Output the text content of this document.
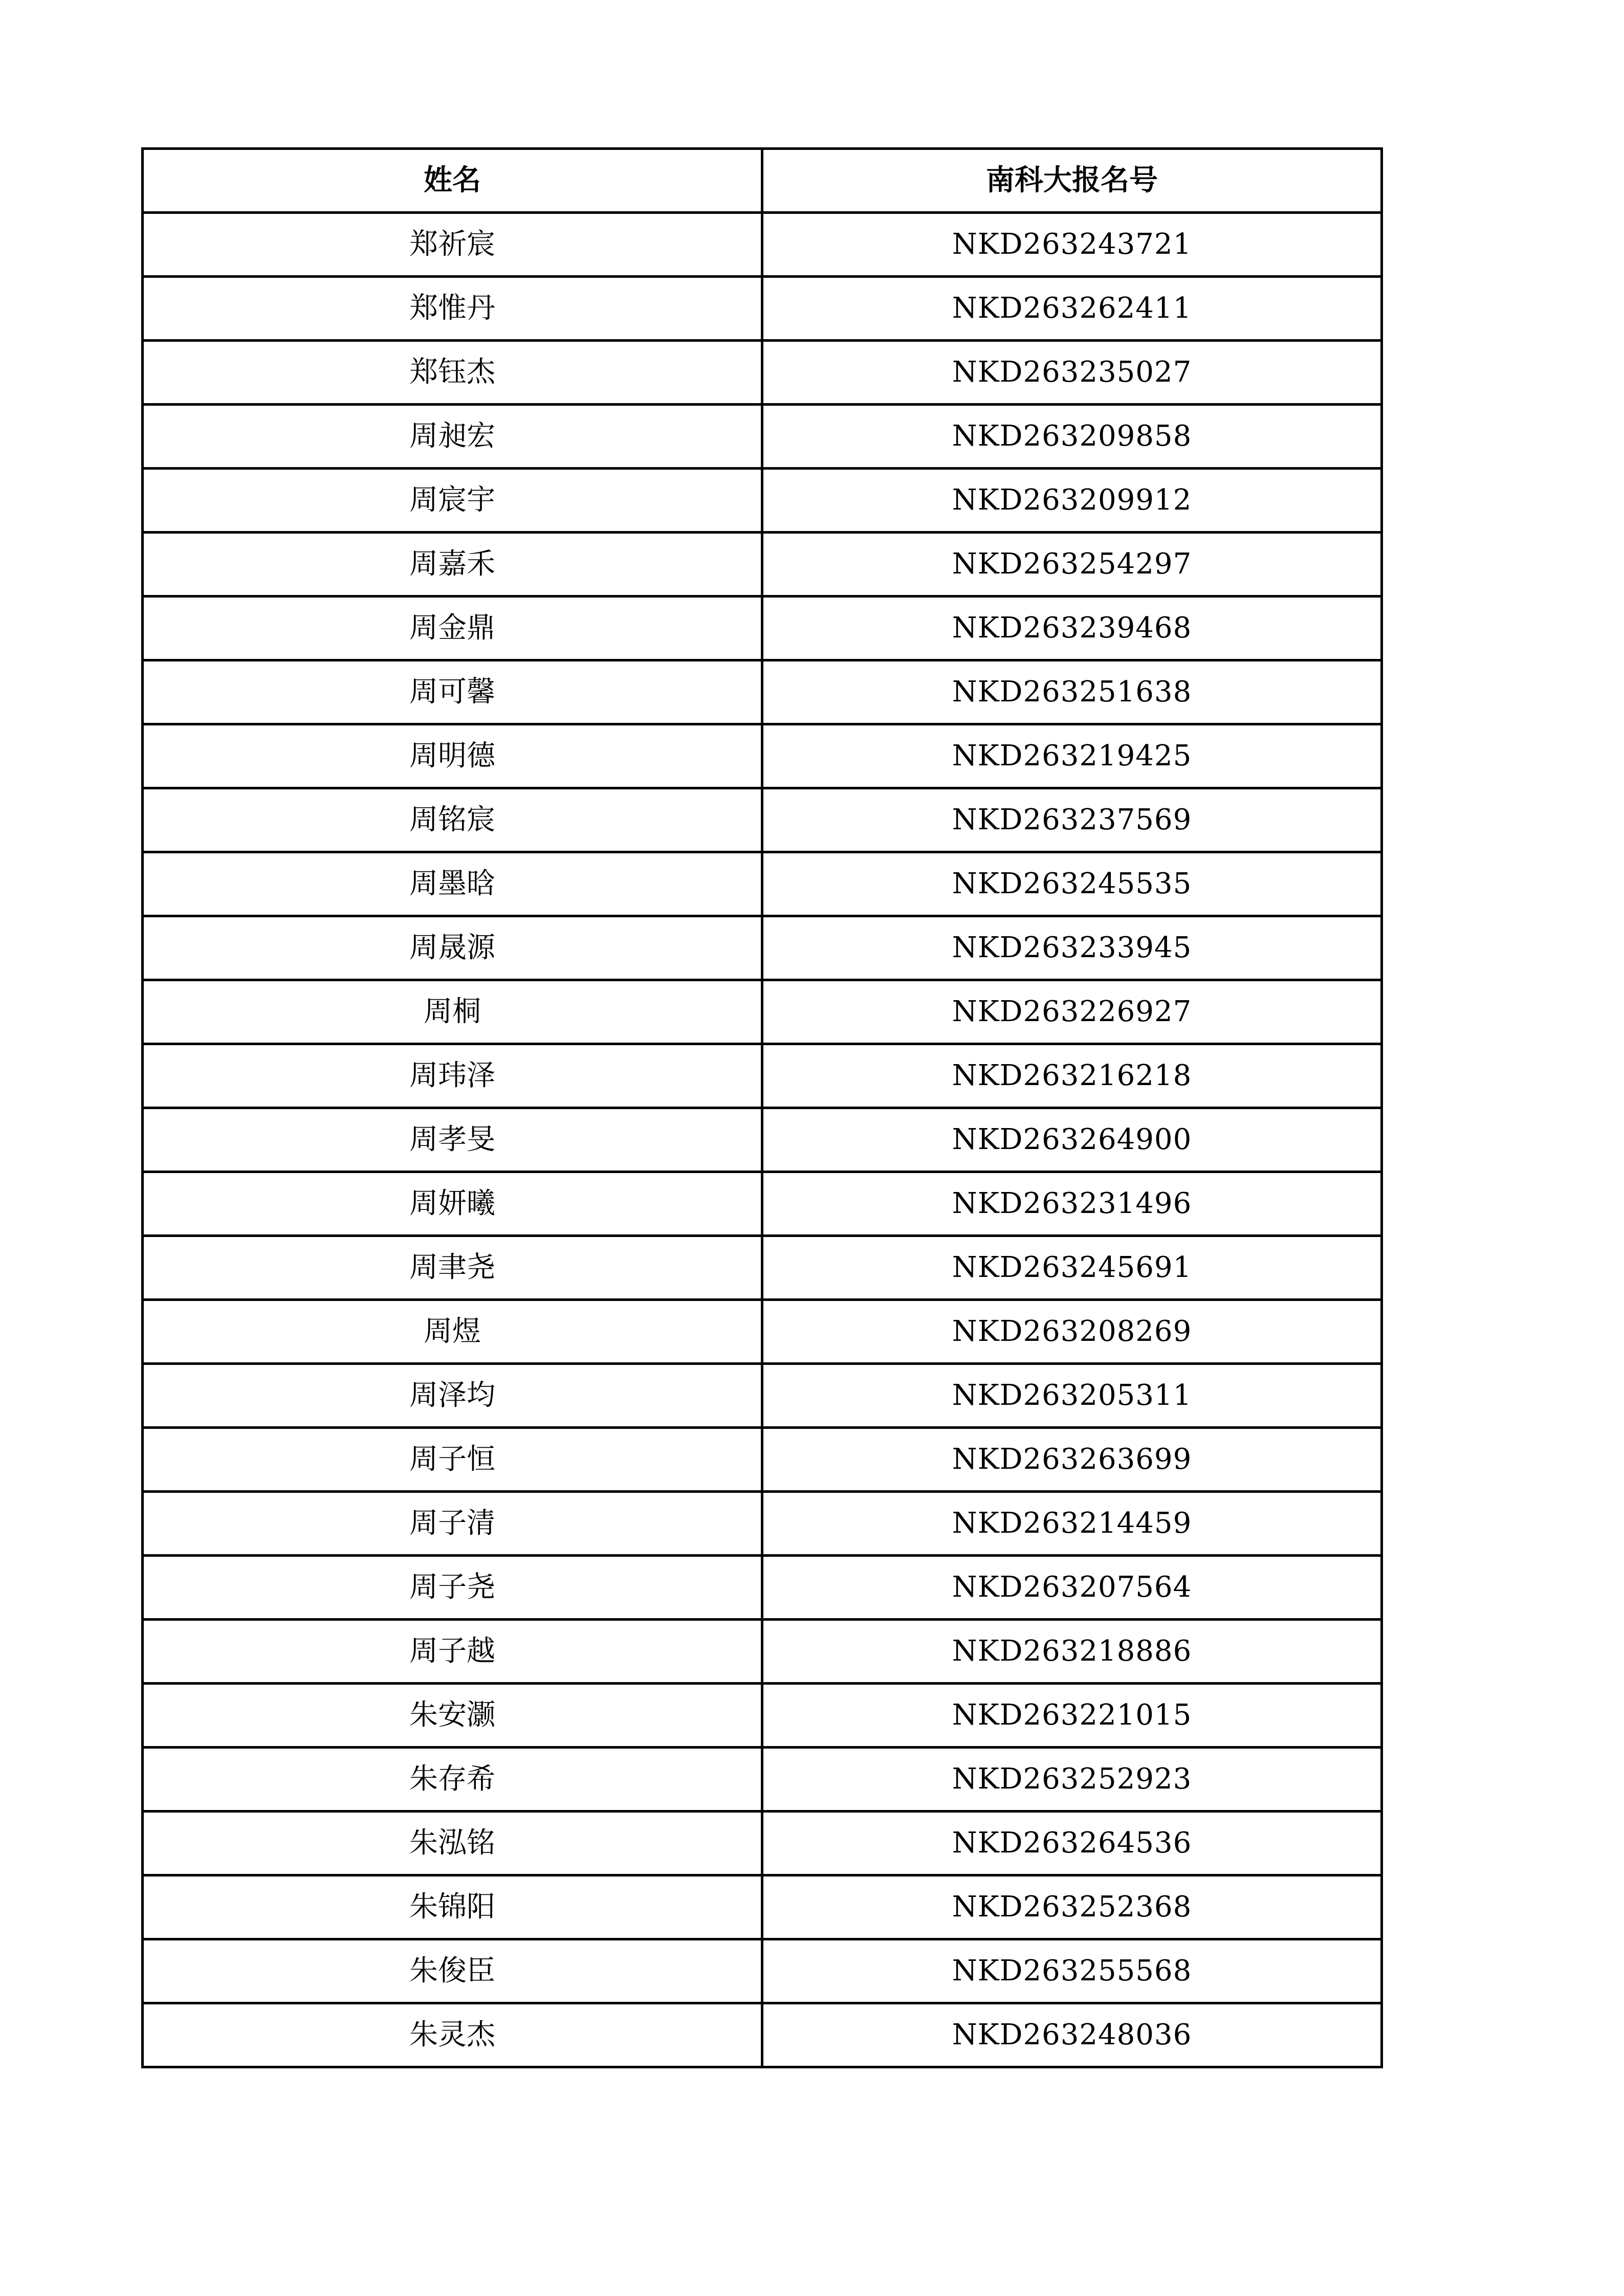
姓名	南科大报名号
郑祈宸	NKD263243721
郑惟丹	NKD263262411
郑钰杰	NKD263235027
周昶宏	NKD263209858
周宸宇	NKD263209912
周嘉禾	NKD263254297
周金鼎	NKD263239468
周可馨	NKD263251638
周明德	NKD263219425
周铭宸	NKD263237569
周墨晗	NKD263245535
周晟源	NKD263233945
周桐	NKD263226927
周玮泽	NKD263216218
周孝旻	NKD263264900
周妍曦	NKD263231496
周聿尧	NKD263245691
周煜	NKD263208269
周泽均	NKD263205311
周子恒	NKD263263699
周子清	NKD263214459
周子尧	NKD263207564
周子越	NKD263218886
朱安灏	NKD263221015
朱存希	NKD263252923
朱泓铭	NKD263264536
朱锦阳	NKD263252368
朱俊臣	NKD263255568
朱灵杰	NKD263248036
